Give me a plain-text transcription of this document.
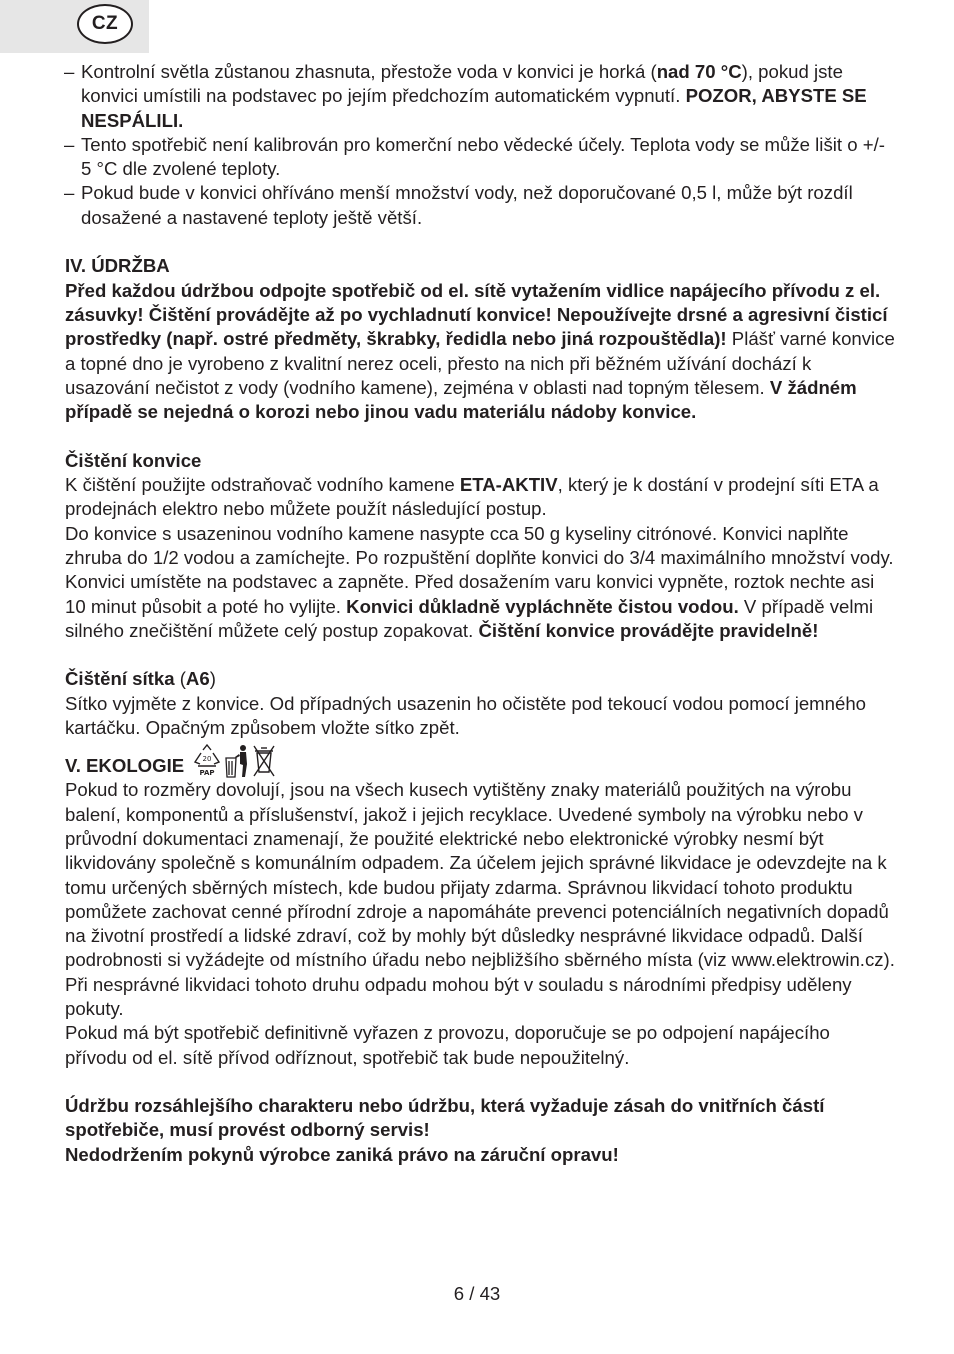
CZ

– Kontrolní světla zůstanou zhasnuta, přestože voda v konvici je horká (nad 70 °C), pokud jste konvici umístili na podstavec po jejím předchozím automatickém vypnutí. POZOR, ABYSTE SE NESPÁLILI.

– Tento spotřebič není kalibrován pro komerční nebo vědecké účely. Teplota vody se může lišit o +/- 5 °C dle zvolené teploty.

– Pokud bude v konvici ohříváno menší množství vody, než doporučované 0,5 l, může být rozdíl dosažené a nastavené teploty ještě větší.

IV. ÚDRŽBA

Před každou údržbou odpojte spotřebič od el. sítě vytažením vidlice napájecího přívodu z el. zásuvky! Čištění provádějte až po vychladnutí konvice! Nepoužívejte drsné a agresivní čisticí prostředky (např. ostré předměty, škrabky, ředidla nebo jiná rozpouštědla)! Plášť varné konvice a topné dno je vyrobeno z kvalitní nerez oceli, přesto na nich při běžném užívání dochází k usazování nečistot z vody (vodního kamene), zejména v oblasti nad topným tělesem. V žádném případě se nejedná o korozi nebo jinou vadu materiálu nádoby konvice.

Čištění konvice

K čištění použijte odstraňovač vodního kamene ETA-AKTIV, který je k dostání v prodejní síti ETA a prodejnách elektro nebo můžete použít následující postup.

Do konvice s usazeninou vodního kamene nasypte cca 50 g kyseliny citrónové. Konvici naplňte zhruba do 1/2 vodou a zamíchejte. Po rozpuštění doplňte konvici do 3/4 maximálního množství vody. Konvici umístěte na podstavec a zapněte. Před dosažením varu konvici vypněte, roztok nechte asi 10 minut působit a poté ho vylijte. Konvici důkladně vypláchněte čistou vodou. V případě velmi silného znečištění můžete celý postup zopakovat. Čištění konvice provádějte pravidelně!

Čištění sítka (A6)

Sítko vyjměte z konvice. Od případných usazenin ho očistěte pod tekoucí vodou pomocí jemného kartáčku. Opačným způsobem vložte sítko zpět.

V. EKOLOGIE	20
PAP

Pokud to rozměry dovolují, jsou na všech kusech vytištěny znaky materiálů použitých na výrobu balení, komponentů a příslušenství, jakož i jejich recyklace. Uvedené symboly na výrobku nebo v průvodní dokumentaci znamenají, že použité elektrické nebo elektronické výrobky nesmí být likvidovány společně s komunálním odpadem. Za účelem jejich správné likvidace je odevzdejte na k tomu určených sběrných místech, kde budou přijaty zdarma. Správnou likvidací tohoto produktu pomůžete zachovat cenné přírodní zdroje a napomáháte prevenci potenciálních negativních dopadů na životní prostředí a lidské zdraví, což by mohly být důsledky nesprávné likvidace odpadů. Další podrobnosti si vyžádejte od místního úřadu nebo nejbližšího sběrného místa (viz www.elektrowin.cz). Při nesprávné likvidaci tohoto druhu odpadu mohou být v souladu s národními předpisy uděleny pokuty.

Pokud má být spotřebič definitivně vyřazen z provozu, doporučuje se po odpojení napájecího přívodu od el. sítě přívod odříznout, spotřebič tak bude nepoužitelný.

Údržbu rozsáhlejšího charakteru nebo údržbu, která vyžaduje zásah do vnitřních částí spotřebiče, musí provést odborný servis!

Nedodržením pokynů výrobce zaniká právo na záruční opravu!

6 / 43
